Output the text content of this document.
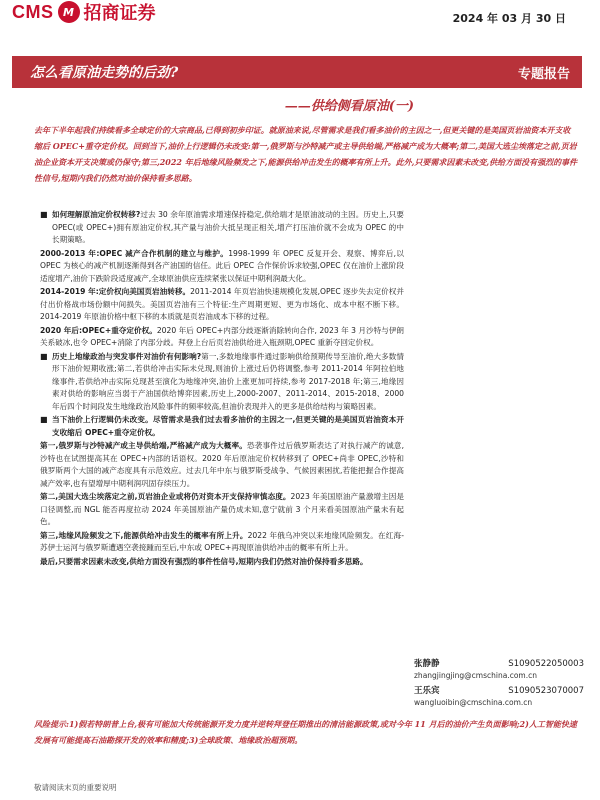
CMS M 招商证券	2024 年 03 月 30 日
怎么看原油走势的后劲?	专题报告
——供给侧看原油(一)

去年下半年起我们持续看多全球定价的大宗商品,已得到初步印证。就原油来说,尽管需求是我们看多油价的主因之一,但更关键的是美国页岩油资本开支收缩后 OPEC+重夺定价权。回到当下,油价上行逻辑仍未改变:第一,俄罗斯与沙特减产或主导供给端,严格减产成为大概率;第二,美国大选尘埃落定之前,页岩油企业资本开支决策或仍保守;第三,2022 年后地缘风险频发之下,能源供给冲击发生的概率有所上升。此外,只要需求因素未改变,供给方面没有强烈的事件性信号,短期内我们仍然对油价保持看多思路。

■ 如何理解原油定价权转移?过去 30 余年原油需求增速保持稳定,供给端才是原油波动的主因。历史上,只要 OPEC(或 OPEC+)拥有原油定价权,其产量与油价大抵呈现正相关,增产打压油价就不会成为 OPEC 的中长期策略。

2000-2013 年:OPEC 减产合作机制的建立与维护。1998-1999 年 OPEC 反复开会、观察、博弈后,以 OPEC 为核心的减产机制逐渐得到各产油国的信任。此后 OPEC 合作保价诉求较强,OPEC 仅在油价上涨阶段适度增产,油价下跌阶段适度减产,全球原油供应连续紧张以保证中期利润最大化。

2014-2019 年:定价权向美国页岩油转移。2011-2014 年页岩油快速规模化发展,OPEC 逐步失去定价权并付出价格战市场份额中间损失。美国页岩油有三个特征:生产周期更短、更为市场化、成本中枢不断下移。2014-2019 年原油价格中枢下移的本质就是页岩油成本下移的过程。

2020 年后:OPEC+重夺定价权。2020 年后 OPEC+内部分歧逐渐消除转向合作, 2023 年 3 月沙特与伊朗关系破冰,也令 OPEC+消除了内部分歧。拜登上台后页岩油供给进入瓶颈期,OPEC 重新夺回定价权。

■ 历史上地缘政治与突发事件对油价有何影响?第一,多数地缘事件通过影响供给预期传导至油价,绝大多数情形下油价短期收涨;第二,若供给冲击实际未兑现,则油价上涨过后仍将调整,参考 2011-2014 年阿拉伯地缘事件,若供给冲击实际兑现甚至演化为地缘冲突,油价上涨更加可持续,参考 2017-2018 年;第三,地缘因素对供给的影响应当弱于产油国供给博弈因素,历史上,2000-2007、2011-2014、2015-2018、2000 年后四个时间段发生地缘政治风险事件的频率较高,但油价表现并入的更多是供给结构与策略因素。

■ 当下油价上行逻辑仍未改变。尽管需求是我们过去看多油价的主因之一,但更关键的是美国页岩油资本开支收缩后 OPEC+重夺定价权。

第一,俄罗斯与沙特减产或主导供给端,严格减产成为大概率。恐袭事件过后俄罗斯表达了对执行减产的诚意,沙特也在试图提高其在 OPEC+内部的话语权。2020 年后原油定价权转移到了 OPEC+尚非 OPEC,沙特和俄罗斯两个大国的减产态度具有示范效应。过去几年中东与俄罗斯受战争、气候因素困扰,若能把握合作提高减产效率,也有望增厚中期利润巩固存续压力。

第二,美国大选尘埃落定之前,页岩油企业或将仍对资本开支保持审慎态度。2023 年美国原油产量激增主因是口径调整,而 NGL 能否再度拉动 2024 年美国原油产量仍成未知,意宁就前 3 个月来看美国原油产量未有起色。

第三,地缘风险频发之下,能源供给冲击发生的概率有所上升。2022 年俄乌冲突以来地缘风险频发。在红海-苏伊士运河与俄罗斯遭遇空袭接踵而至后,中东或 OPEC+再现原油供给冲击的概率有所上升。

最后,只要需求因素未改变,供给方面没有强烈的事件性信号,短期内我们仍然对油价保持看多思路。

张静静	S1090522050003
zhangjingjing@cmschina.com.cn
王乐宾	S1090523070007
wangluoibin@cmschina.com.cn

风险提示:1)假若特朗普上台,极有可能加大传统能源开发力度并逆转拜登任期推出的清洁能源政策,或对今年 11 月后的油价产生负面影响;2)人工智能快速发展有可能提高石油勘探开发的效率和精度;3)全球政策、地缘政治超预期。

敬请阅读末页的重要说明
